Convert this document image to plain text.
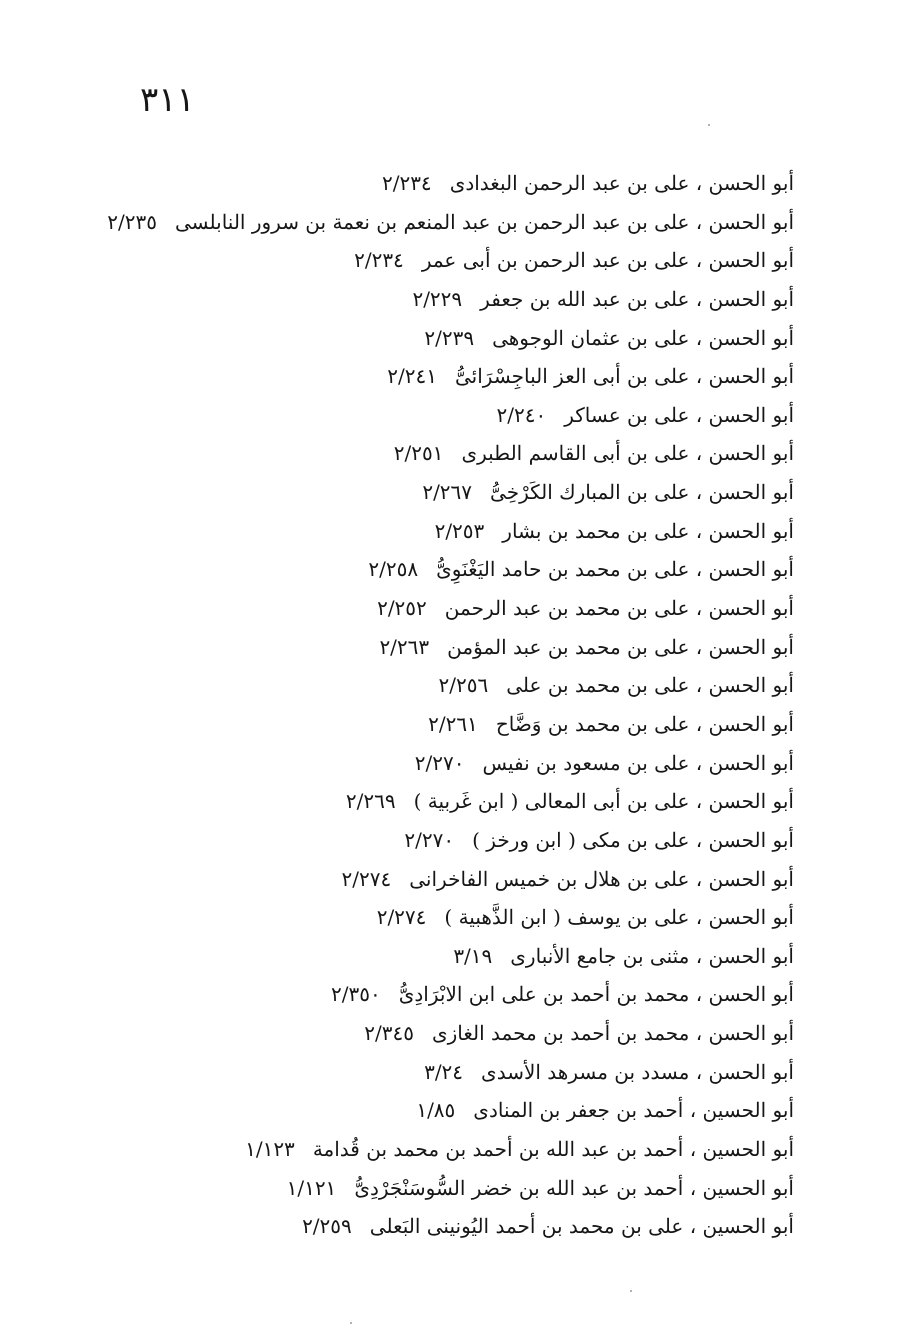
٣١١
أبو الحسن ، على بن عبد الرحمن البغدادى٢/٢٣٤
أبو الحسن ، على بن عبد الرحمن بن عبد المنعم بن نعمة بن سرور النابلسى٢/٢٣٥
أبو الحسن ، على بن عبد الرحمن بن أبى عمر٢/٢٣٤
أبو الحسن ، على بن عبد الله بن جعفر٢/٢٢٩
أبو الحسن ، على بن عثمان الوجوهى٢/٢٣٩
أبو الحسن ، على بن أبى العز الباجِسْرَائىُّ٢/٢٤١
أبو الحسن ، على بن عساكر٢/٢٤٠
أبو الحسن ، على بن أبى القاسم الطبرى٢/٢٥١
أبو الحسن ، على بن المبارك الكَرْخِىُّ٢/٢٦٧
أبو الحسن ، على بن محمد بن بشار٢/٢٥٣
أبو الحسن ، على بن محمد بن حامد اليَغْنَوِىُّ٢/٢٥٨
أبو الحسن ، على بن محمد بن عبد الرحمن٢/٢٥٢
أبو الحسن ، على بن محمد بن عبد المؤمن٢/٢٦٣
أبو الحسن ، على بن محمد بن على٢/٢٥٦
أبو الحسن ، على بن محمد بن وَضَّاح٢/٢٦١
أبو الحسن ، على بن مسعود بن نفيس٢/٢٧٠
أبو الحسن ، على بن أبى المعالى ( ابن غَربية )٢/٢٦٩
أبو الحسن ، على بن مكى ( ابن ورخز )٢/٢٧٠
أبو الحسن ، على بن هلال بن خميس الفاخرانى٢/٢٧٤
أبو الحسن ، على بن يوسف ( ابن الذَّهبية )٢/٢٧٤
أبو الحسن ، مثنى بن جامع الأنبارى٣/١٩
أبو الحسن ، محمد بن أحمد بن على ابن الابْرَادِىُّ٢/٣٥٠
أبو الحسن ، محمد بن أحمد بن محمد الغازى٢/٣٤٥
أبو الحسن ، مسدد بن مسرهد الأسدى٣/٢٤
أبو الحسين ، أحمد بن جعفر بن المنادى١/٨٥
أبو الحسين ، أحمد بن عبد الله بن أحمد بن محمد بن قُدامة١/١٢٣
أبو الحسين ، أحمد بن عبد الله بن خضر السُّوسَنْجَرْدِىُّ١/١٢١
أبو الحسين ، على بن محمد بن أحمد اليُونينى البَعلى٢/٢٥٩
